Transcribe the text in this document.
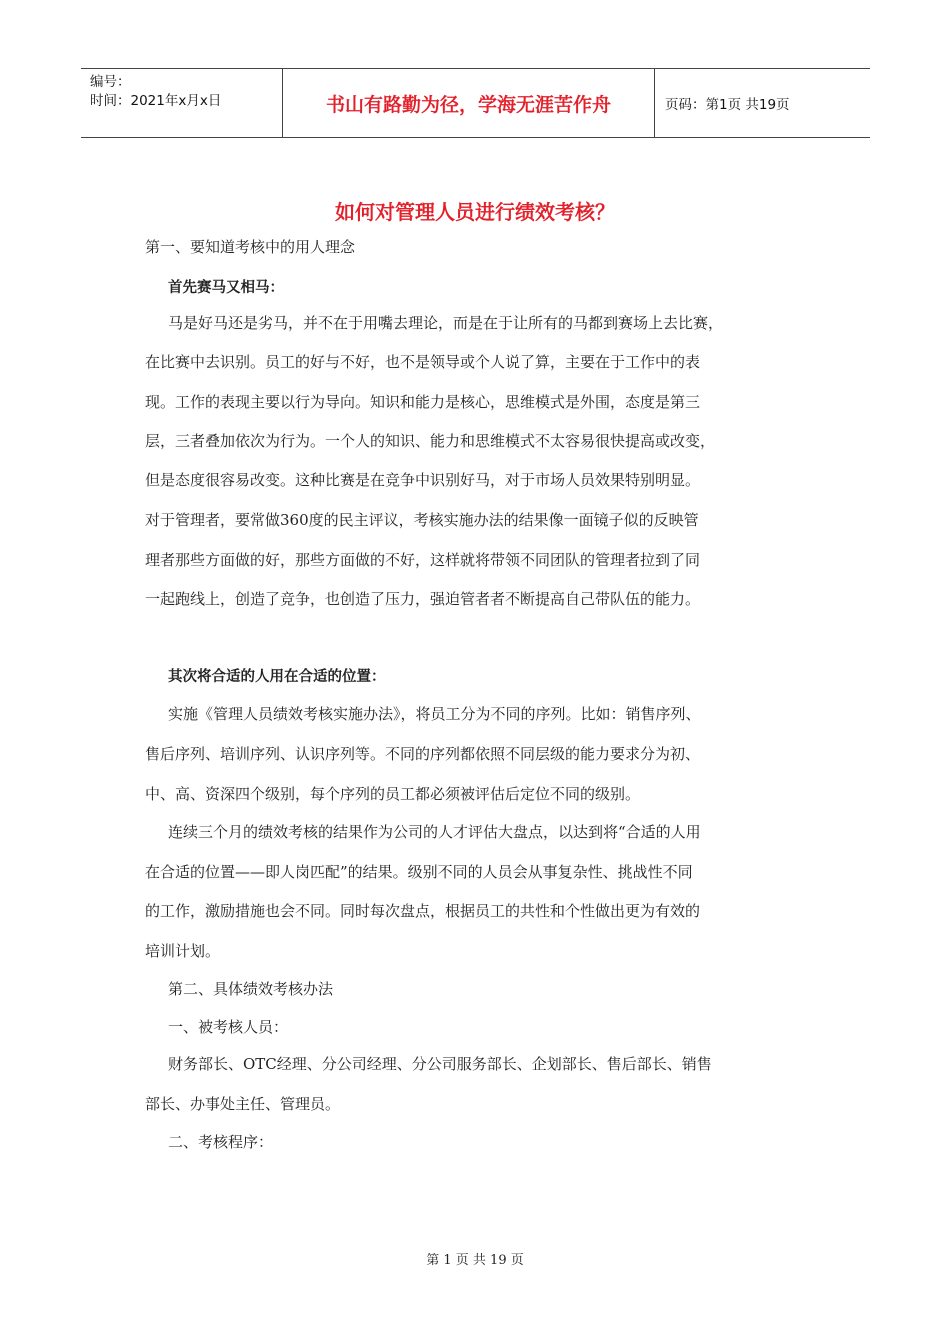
编号：
时间：2021年x月x日	书山有路勤为径，学海无涯苦作舟	页码：第1页 共19页
如何对管理人员进行绩效考核？
第一、要知道考核中的用人理念
首先赛马又相马：
马是好马还是劣马，并不在于用嘴去理论，而是在于让所有的马都到赛场上去比赛，
在比赛中去识别。员工的好与不好，也不是领导或个人说了算，主要在于工作中的表
现。工作的表现主要以行为导向。知识和能力是核心，思维模式是外围，态度是第三
层，三者叠加依次为行为。一个人的知识、能力和思维模式不太容易很快提高或改变，
但是态度很容易改变。这种比赛是在竞争中识别好马，对于市场人员效果特别明显。
对于管理者，要常做360度的民主评议，考核实施办法的结果像一面镜子似的反映管
理者那些方面做的好，那些方面做的不好，这样就将带领不同团队的管理者拉到了同
一起跑线上，创造了竞争，也创造了压力，强迫管者者不断提高自己带队伍的能力。
其次将合适的人用在合适的位置：
实施《管理人员绩效考核实施办法》，将员工分为不同的序列。比如：销售序列、
售后序列、培训序列、认识序列等。不同的序列都依照不同层级的能力要求分为初、
中、高、资深四个级别，每个序列的员工都必须被评估后定位不同的级别。
连续三个月的绩效考核的结果作为公司的人才评估大盘点，以达到将“合适的人用
在合适的位置——即人岗匹配”的结果。级别不同的人员会从事复杂性、挑战性不同
的工作，激励措施也会不同。同时每次盘点，根据员工的共性和个性做出更为有效的
培训计划。
第二、具体绩效考核办法
一、被考核人员：
财务部长、OTC经理、分公司经理、分公司服务部长、企划部长、售后部长、销售
部长、办事处主任、管理员。
二、考核程序：
第 1 页 共 19 页
